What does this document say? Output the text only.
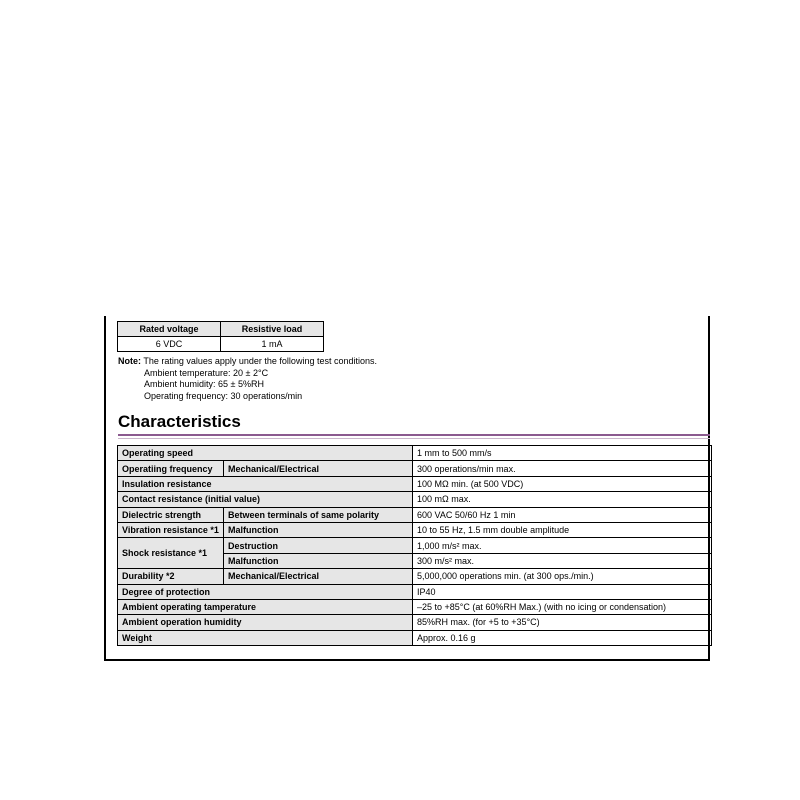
Rated voltage	Resistive load
6 VDC	1 mA
Note: The rating values apply under the following test conditions.
Ambient temperature: 20 ± 2°C
Ambient humidity: 65 ± 5%RH
Operating frequency: 30 operations/min
Characteristics
Operating speed		1 mm to 500 mm/s
Operatiing frequency	Mechanical/Electrical	300 operations/min max.
Insulation resistance		100 MΩ min. (at 500 VDC)
Contact resistance (initial value)		100 mΩ max.
Dielectric strength	Between terminals of same polarity	600 VAC 50/60 Hz 1 min
Vibration resistance *1	Malfunction	10 to 55 Hz, 1.5 mm double amplitude
Shock resistance *1	Destruction	1,000 m/s² max.
	Malfunction	300 m/s² max.
Durability *2	Mechanical/Electrical	5,000,000 operations min. (at 300 ops./min.)
Degree of protection		IP40
Ambient operating tamperature		–25 to +85°C (at 60%RH Max.) (with no icing or condensation)
Ambient operation humidity		85%RH max. (for +5 to +35°C)
Weight		Approx. 0.16 g
